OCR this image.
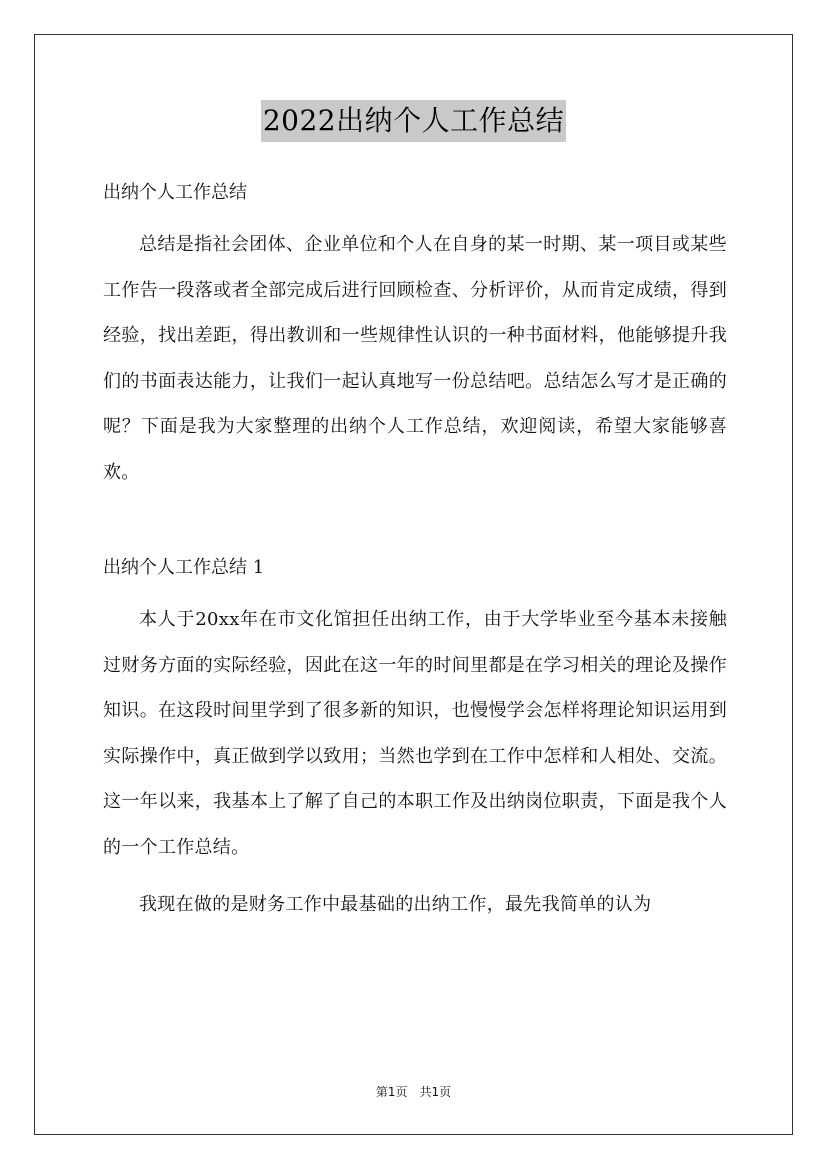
2022出纳个人工作总结

出纳个人工作总结

总结是指社会团体、企业单位和个人在自身的某一时期、某一项目或某些工作告一段落或者全部完成后进行回顾检查、分析评价，从而肯定成绩，得到经验，找出差距，得出教训和一些规律性认识的一种书面材料，他能够提升我们的书面表达能力，让我们一起认真地写一份总结吧。总结怎么写才是正确的呢？下面是我为大家整理的出纳个人工作总结，欢迎阅读，希望大家能够喜欢。

出纳个人工作总结 1

本人于20xx年在市文化馆担任出纳工作，由于大学毕业至今基本未接触过财务方面的实际经验，因此在这一年的时间里都是在学习相关的理论及操作知识。在这段时间里学到了很多新的知识，也慢慢学会怎样将理论知识运用到实际操作中，真正做到学以致用；当然也学到在工作中怎样和人相处、交流。这一年以来，我基本上了解了自己的本职工作及出纳岗位职责，下面是我个人的一个工作总结。

我现在做的是财务工作中最基础的出纳工作，最先我简单的认为

第1页　共1页
